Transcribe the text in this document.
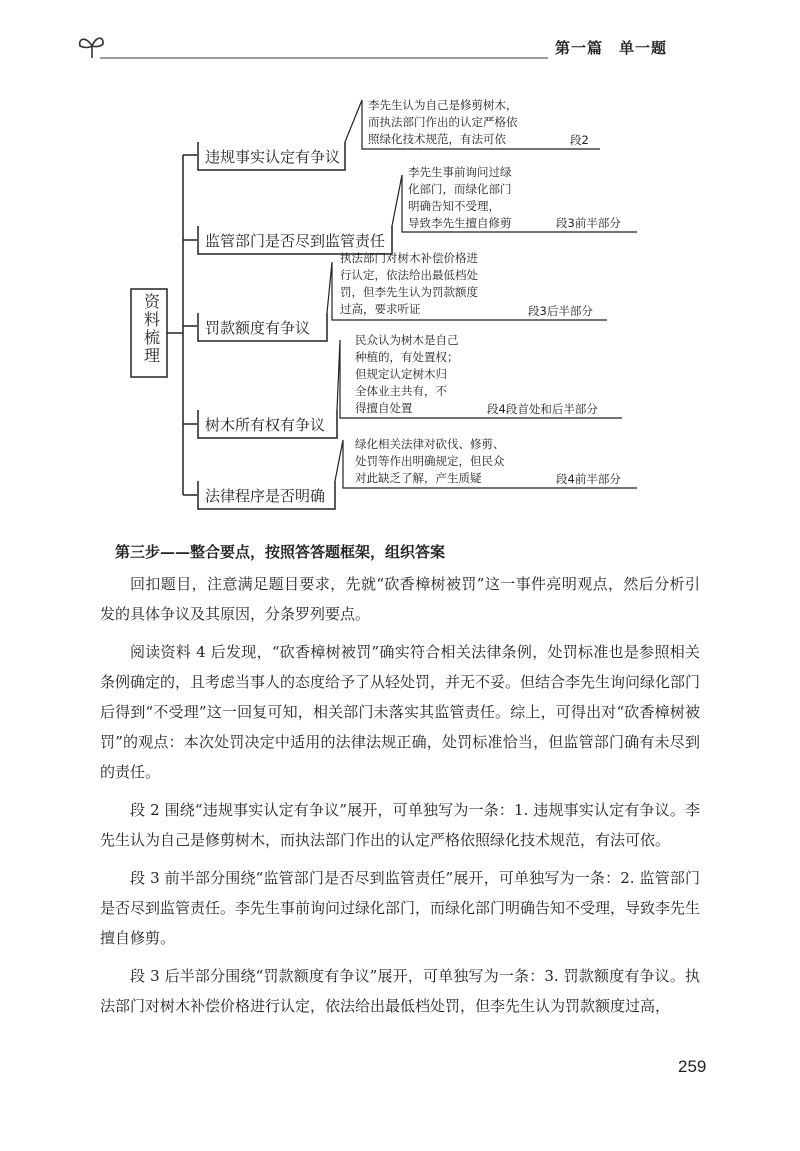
第一篇　单一题
资料梳理
违规事实认定有争议
监管部门是否尽到监管责任
罚款额度有争议
树木所有权有争议
法律程序是否明确
李先生认为自己是修剪树木，
而执法部门作出的认定严格依
照绿化技术规范，有法可依	段2
李先生事前询问过绿
化部门，而绿化部门
明确告知不受理，
导致李先生擅自修剪	段3前半部分
执法部门对树木补偿价格进
行认定，依法给出最低档处
罚，但李先生认为罚款额度
过高，要求听证	段3后半部分
民众认为树木是自己
种植的，有处置权；
但规定认定树木归
全体业主共有，不
得擅自处置	段4段首处和后半部分
绿化相关法律对砍伐、修剪、
处罚等作出明确规定，但民众
对此缺乏了解，产生质疑	段4前半部分

第三步——整合要点，按照答答题框架，组织答案

回扣题目，注意满足题目要求，先就“砍香樟树被罚”这一事件亮明观点，然后分析引发的具体争议及其原因，分条罗列要点。

阅读资料 4 后发现，“砍香樟树被罚”确实符合相关法律条例，处罚标准也是参照相关条例确定的，且考虑当事人的态度给予了从轻处罚，并无不妥。但结合李先生询问绿化部门后得到“不受理”这一回复可知，相关部门未落实其监管责任。综上，可得出对“砍香樟树被罚”的观点：本次处罚决定中适用的法律法规正确，处罚标准恰当，但监管部门确有未尽到的责任。

段 2 围绕“违规事实认定有争议”展开，可单独写为一条：1. 违规事实认定有争议。李先生认为自己是修剪树木，而执法部门作出的认定严格依照绿化技术规范，有法可依。

段 3 前半部分围绕“监管部门是否尽到监管责任”展开，可单独写为一条：2. 监管部门是否尽到监管责任。李先生事前询问过绿化部门，而绿化部门明确告知不受理，导致李先生擅自修剪。

段 3 后半部分围绕“罚款额度有争议”展开，可单独写为一条：3. 罚款额度有争议。执法部门对树木补偿价格进行认定，依法给出最低档处罚，但李先生认为罚款额度过高，

259
